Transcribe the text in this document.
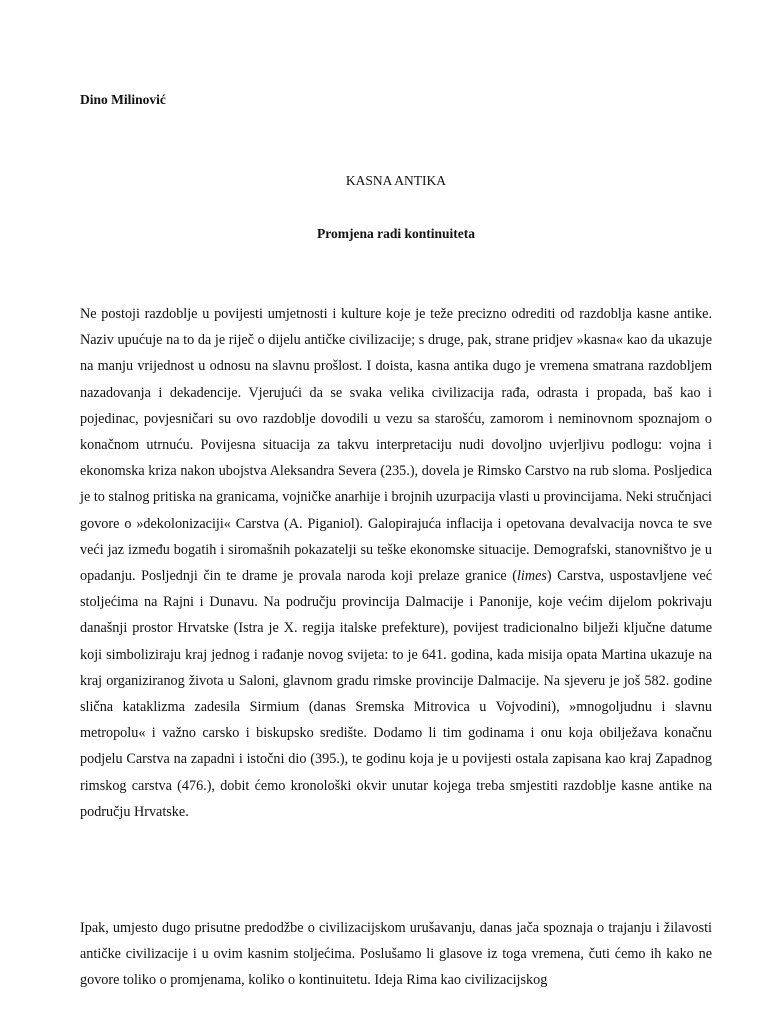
Dino Milinović
KASNA ANTIKA
Promjena radi kontinuiteta

Ne postoji razdoblje u povijesti umjetnosti i kulture koje je teže precizno odrediti od razdoblja kasne antike. Naziv upućuje na to da je riječ o dijelu antičke civilizacije; s druge, pak, strane pridjev »kasna« kao da ukazuje na manju vrijednost u odnosu na slavnu prošlost. I doista, kasna antika dugo je vremena smatrana razdobljem nazadovanja i dekadencije. Vjerujući da se svaka velika civilizacija rađa, odrasta i propada, baš kao i pojedinac, povjesničari su ovo razdoblje dovodili u vezu sa starošću, zamorom i neminovnom spoznajom o konačnom utrnuću. Povijesna situacija za takvu interpretaciju nudi dovoljno uvjerljivu podlogu: vojna i ekonomska kriza nakon ubojstva Aleksandra Severa (235.), dovela je Rimsko Carstvo na rub sloma. Posljedica je to stalnog pritiska na granicama, vojničke anarhije i brojnih uzurpacija vlasti u provincijama. Neki stručnjaci govore o »dekolonizaciji« Carstva (A. Piganiol). Galopirajuća inflacija i opetovana devalvacija novca te sve veći jaz između bogatih i siromašnih pokazatelji su teške ekonomske situacije. Demografski, stanovništvo je u opadanju. Posljednji čin te drame je provala naroda koji prelaze granice (limes) Carstva, uspostavljene već stoljećima na Rajni i Dunavu. Na području provincija Dalmacije i Panonije, koje većim dijelom pokrivaju današnji prostor Hrvatske (Istra je X. regija italske prefekture), povijest tradicionalno bilježi ključne datume koji simboliziraju kraj jednog i rađanje novog svijeta: to je 641. godina, kada misija opata Martina ukazuje na kraj organiziranog života u Saloni, glavnom gradu rimske provincije Dalmacije. Na sjeveru je još 582. godine slična kataklizma zadesila Sirmium (danas Sremska Mitrovica u Vojvodini), »mnogoljudnu i slavnu metropolu« i važno carsko i biskupsko središte. Dodamo li tim godinama i onu koja obilježava konačnu podjelu Carstva na zapadni i istočni dio (395.), te godinu koja je u povijesti ostala zapisana kao kraj Zapadnog rimskog carstva (476.), dobit ćemo kronološki okvir unutar kojega treba smjestiti razdoblje kasne antike na području Hrvatske.

Ipak, umjesto dugo prisutne predodžbe o civilizacijskom urušavanju, danas jača spoznaja o trajanju i žilavosti antičke civilizacije i u ovim kasnim stoljećima. Poslušamo li glasove iz toga vremena, čuti ćemo ih kako ne govore toliko o promjenama, koliko o kontinuitetu. Ideja Rima kao civilizacijskog
